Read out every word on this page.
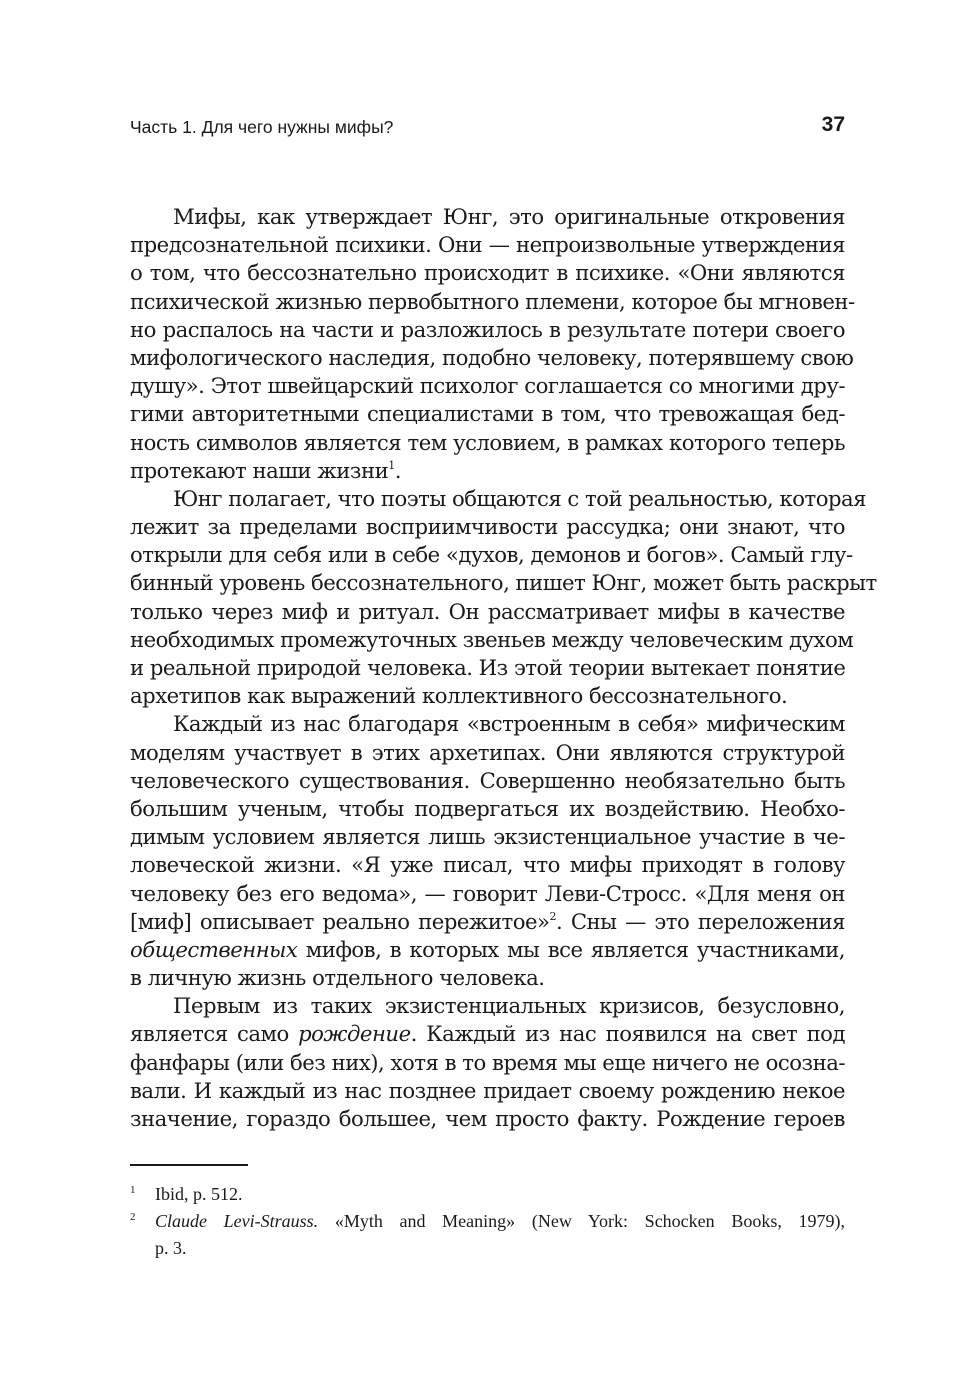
Часть 1. Для чего нужны мифы?	37
Мифы, как утверждает Юнг, это оригинальные откровения
предсознательной психики. Они — непроизвольные утверждения
о том, что бессознательно происходит в психике. «Они являются
психической жизнью первобытного племени, которое бы мгновен-
но распалось на части и разложилось в результате потери своего
мифологического наследия, подобно человеку, потерявшему свою
душу». Этот швейцарский психолог соглашается со многими дру-
гими авторитетными специалистами в том, что тревожащая бед-
ность символов является тем условием, в рамках которого теперь
протекают наши жизни$^1$.
Юнг полагает, что поэты общаются с той реальностью, которая
лежит за пределами восприимчивости рассудка; они знают, что
открыли для себя или в себе «духов, демонов и богов». Самый глу-
бинный уровень бессознательного, пишет Юнг, может быть раскрыт
только через миф и ритуал. Он рассматривает мифы в качестве
необходимых промежуточных звеньев между человеческим духом
и реальной природой человека. Из этой теории вытекает понятие
архетипов как выражений коллективного бессознательного.
Каждый из нас благодаря «встроенным в себя» мифическим
моделям участвует в этих архетипах. Они являются структурой
человеческого существования. Совершенно необязательно быть
большим ученым, чтобы подвергаться их воздействию. Необхо-
димым условием является лишь экзистенциальное участие в че-
ловеческой жизни. «Я уже писал, что мифы приходят в голову
человеку без его ведома», — говорит Леви-Стросс. «Для меня он
[миф] описывает реально пережитое»$^2$. Сны — это переложения
общественных мифов, в которых мы все является участниками,
в личную жизнь отдельного человека.
Первым из таких экзистенциальных кризисов, безусловно,
является само рождение. Каждый из нас появился на свет под
фанфары (или без них), хотя в то время мы еще ничего не осозна-
вали. И каждый из нас позднее придает своему рождению некое
значение, гораздо большее, чем просто факту. Рождение героев
1 Ibid, p. 512.
2 Claude Levi-Strauss. «Myth and Meaning» (New York: Schocken Books, 1979),
p. 3.
